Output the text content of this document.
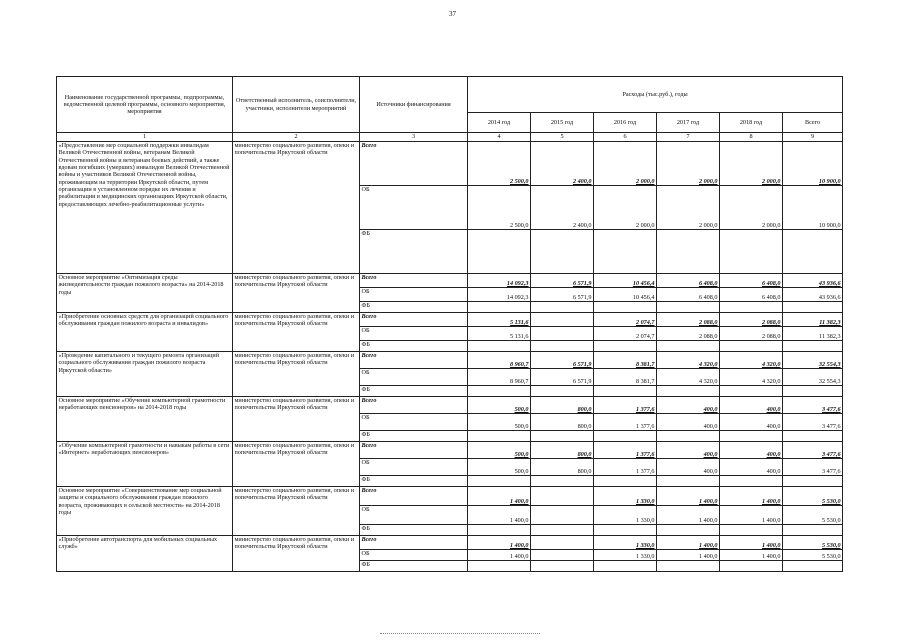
37
Наименование государственной программы, подпрограммы, ведомственной целевой программы, основного мероприятия, мероприятия	Ответственный исполнитель, соисполнители, участники, исполнители мероприятий	Источники финансирования	Расходы (тыс.руб.), годы					
			2014 год	2015 год	2016 год	2017 год	2018 год	Всего
1	2	3	4	5	6	7	8	9
«Предоставление мер социальной поддержки инвалидам Великой Отечественной войны, ветеранам Великой Отечественной войны и ветеранам боевых действий, а также вдовам погибших (умерших) инвалидов Великой Отечественной войны и участников Великой Отечественной войны, проживающим на территории Иркутской области, путем организации в установленном порядке их лечения и реабилитации в медицинских организациях Иркутской области, предоставляющих лечебно-реабилитационные услуги»	министерство социального развития, опеки и попечительства Иркутской области	Всего	2 500,0	2 400,0	2 000,0	2 000,0	2 000,0	10 900,0
		ОБ	2 500,0	2 400,0	2 000,0	2 000,0	2 000,0	10 900,0
		ФБ						
Основное мероприятие «Оптимизация среды жизнедеятельности граждан пожилого возраста» на 2014-2018 годы	министерство социального развития, опеки и попечительства Иркутской области	Всего	14 092,3	6 571,9	10 456,4	6 408,0	6 408,0	43 936,6
		ОБ	14 092,3	6 571,9	10 456,4	6 408,0	6 408,0	43 936,6
		ФБ						
«Приобретение основных средств для организаций социального обслуживания граждан пожилого возраста и инвалидов»	министерство социального развития, опеки и попечительства Иркутской области	Всего	5 131,6		2 074,7	2 088,0	2 088,0	11 382,3
		ОБ	5 131,6		2 074,7	2 088,0	2 088,0	11 382,3
		ФБ						
«Проведение капитального и текущего ремонта организаций социального обслуживания граждан пожилого возраста Иркутской области»	министерство социального развития, опеки и попечительства Иркутской области	Всего	8 960,7	6 571,9	8 381,7	4 320,0	4 320,0	32 554,3
		ОБ	8 960,7	6 571,9	8 381,7	4 320,0	4 320,0	32 554,3
		ФБ						
Основное мероприятие «Обучение компьютерной грамотности неработающих пенсионеров» на 2014-2018 годы	министерство социального развития, опеки и попечительства Иркутской области	Всего	500,0	800,0	1 377,6	400,0	400,0	3 477,6
		ОБ	500,0	800,0	1 377,6	400,0	400,0	3 477,6
		ФБ						
«Обучение компьютерной грамотности и навыкам работы в сети «Интернет» неработающих пенсионеров»	министерство социального развития, опеки и попечительства Иркутской области	Всего	500,0	800,0	1 377,6	400,0	400,0	3 477,6
		ОБ	500,0	800,0	1 377,6	400,0	400,0	3 477,6
		ФБ						
Основное мероприятие «Совершенствование мер социальной защиты и социального обслуживания граждан пожилого возраста, проживающих в сельской местности» на 2014-2018 годы	министерство социального развития, опеки и попечительства Иркутской области	Всего	1 400,0		1 330,0	1 400,0	1 400,0	5 530,0
		ОБ	1 400,0		1 330,0	1 400,0	1 400,0	5 530,0
		ФБ						
«Приобретение автотранспорта для мобильных социальных служб»	министерство социального развития, опеки и попечительства Иркутской области	Всего	1 400,0		1 330,0	1 400,0	1 400,0	5 530,0
		ОБ	1 400,0		1 330,0	1 400,0	1 400,0	5 530,0
		ФБ						
